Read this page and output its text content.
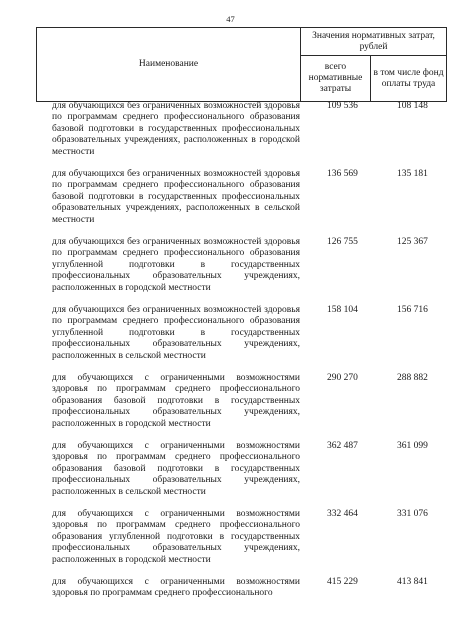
47
Наименование	Значения нормативных затрат, рублей	
	всего нормативные затраты	в том числе фонд оплаты труда
для обучающихся без ограниченных возможностей здоровья по программам среднего профессионального образования базовой подготовки в государственных профессиональных образовательных учреждениях, расположенных в городской местности
109 536	108 148
для обучающихся без ограниченных возможностей здоровья по программам среднего профессионального образования базовой подготовки в государственных профессиональных образовательных учреждениях, расположенных в сельской местности
136 569	135 181
для обучающихся без ограниченных возможностей здоровья по программам среднего профессионального образования углубленной подготовки в государственных профессиональных образовательных учреждениях, расположенных в городской местности
126 755	125 367
для обучающихся без ограниченных возможностей здоровья по программам среднего профессионального образования углубленной подготовки в государственных профессиональных образовательных учреждениях, расположенных в сельской местности
158 104	156 716
для обучающихся с ограниченными возможностями здоровья по программам среднего профессионального образования базовой подготовки в государственных профессиональных образовательных учреждениях, расположенных в городской местности
290 270	288 882
для обучающихся с ограниченными возможностями здоровья по программам среднего профессионального образования базовой подготовки в государственных профессиональных образовательных учреждениях, расположенных в сельской местности
362 487	361 099
для обучающихся с ограниченными возможностями здоровья по программам среднего профессионального образования углубленной подготовки в государственных профессиональных образовательных учреждениях, расположенных в городской местности
332 464	331 076
для обучающихся с ограниченными возможностями здоровья по программам среднего профессионального
415 229	413 841
